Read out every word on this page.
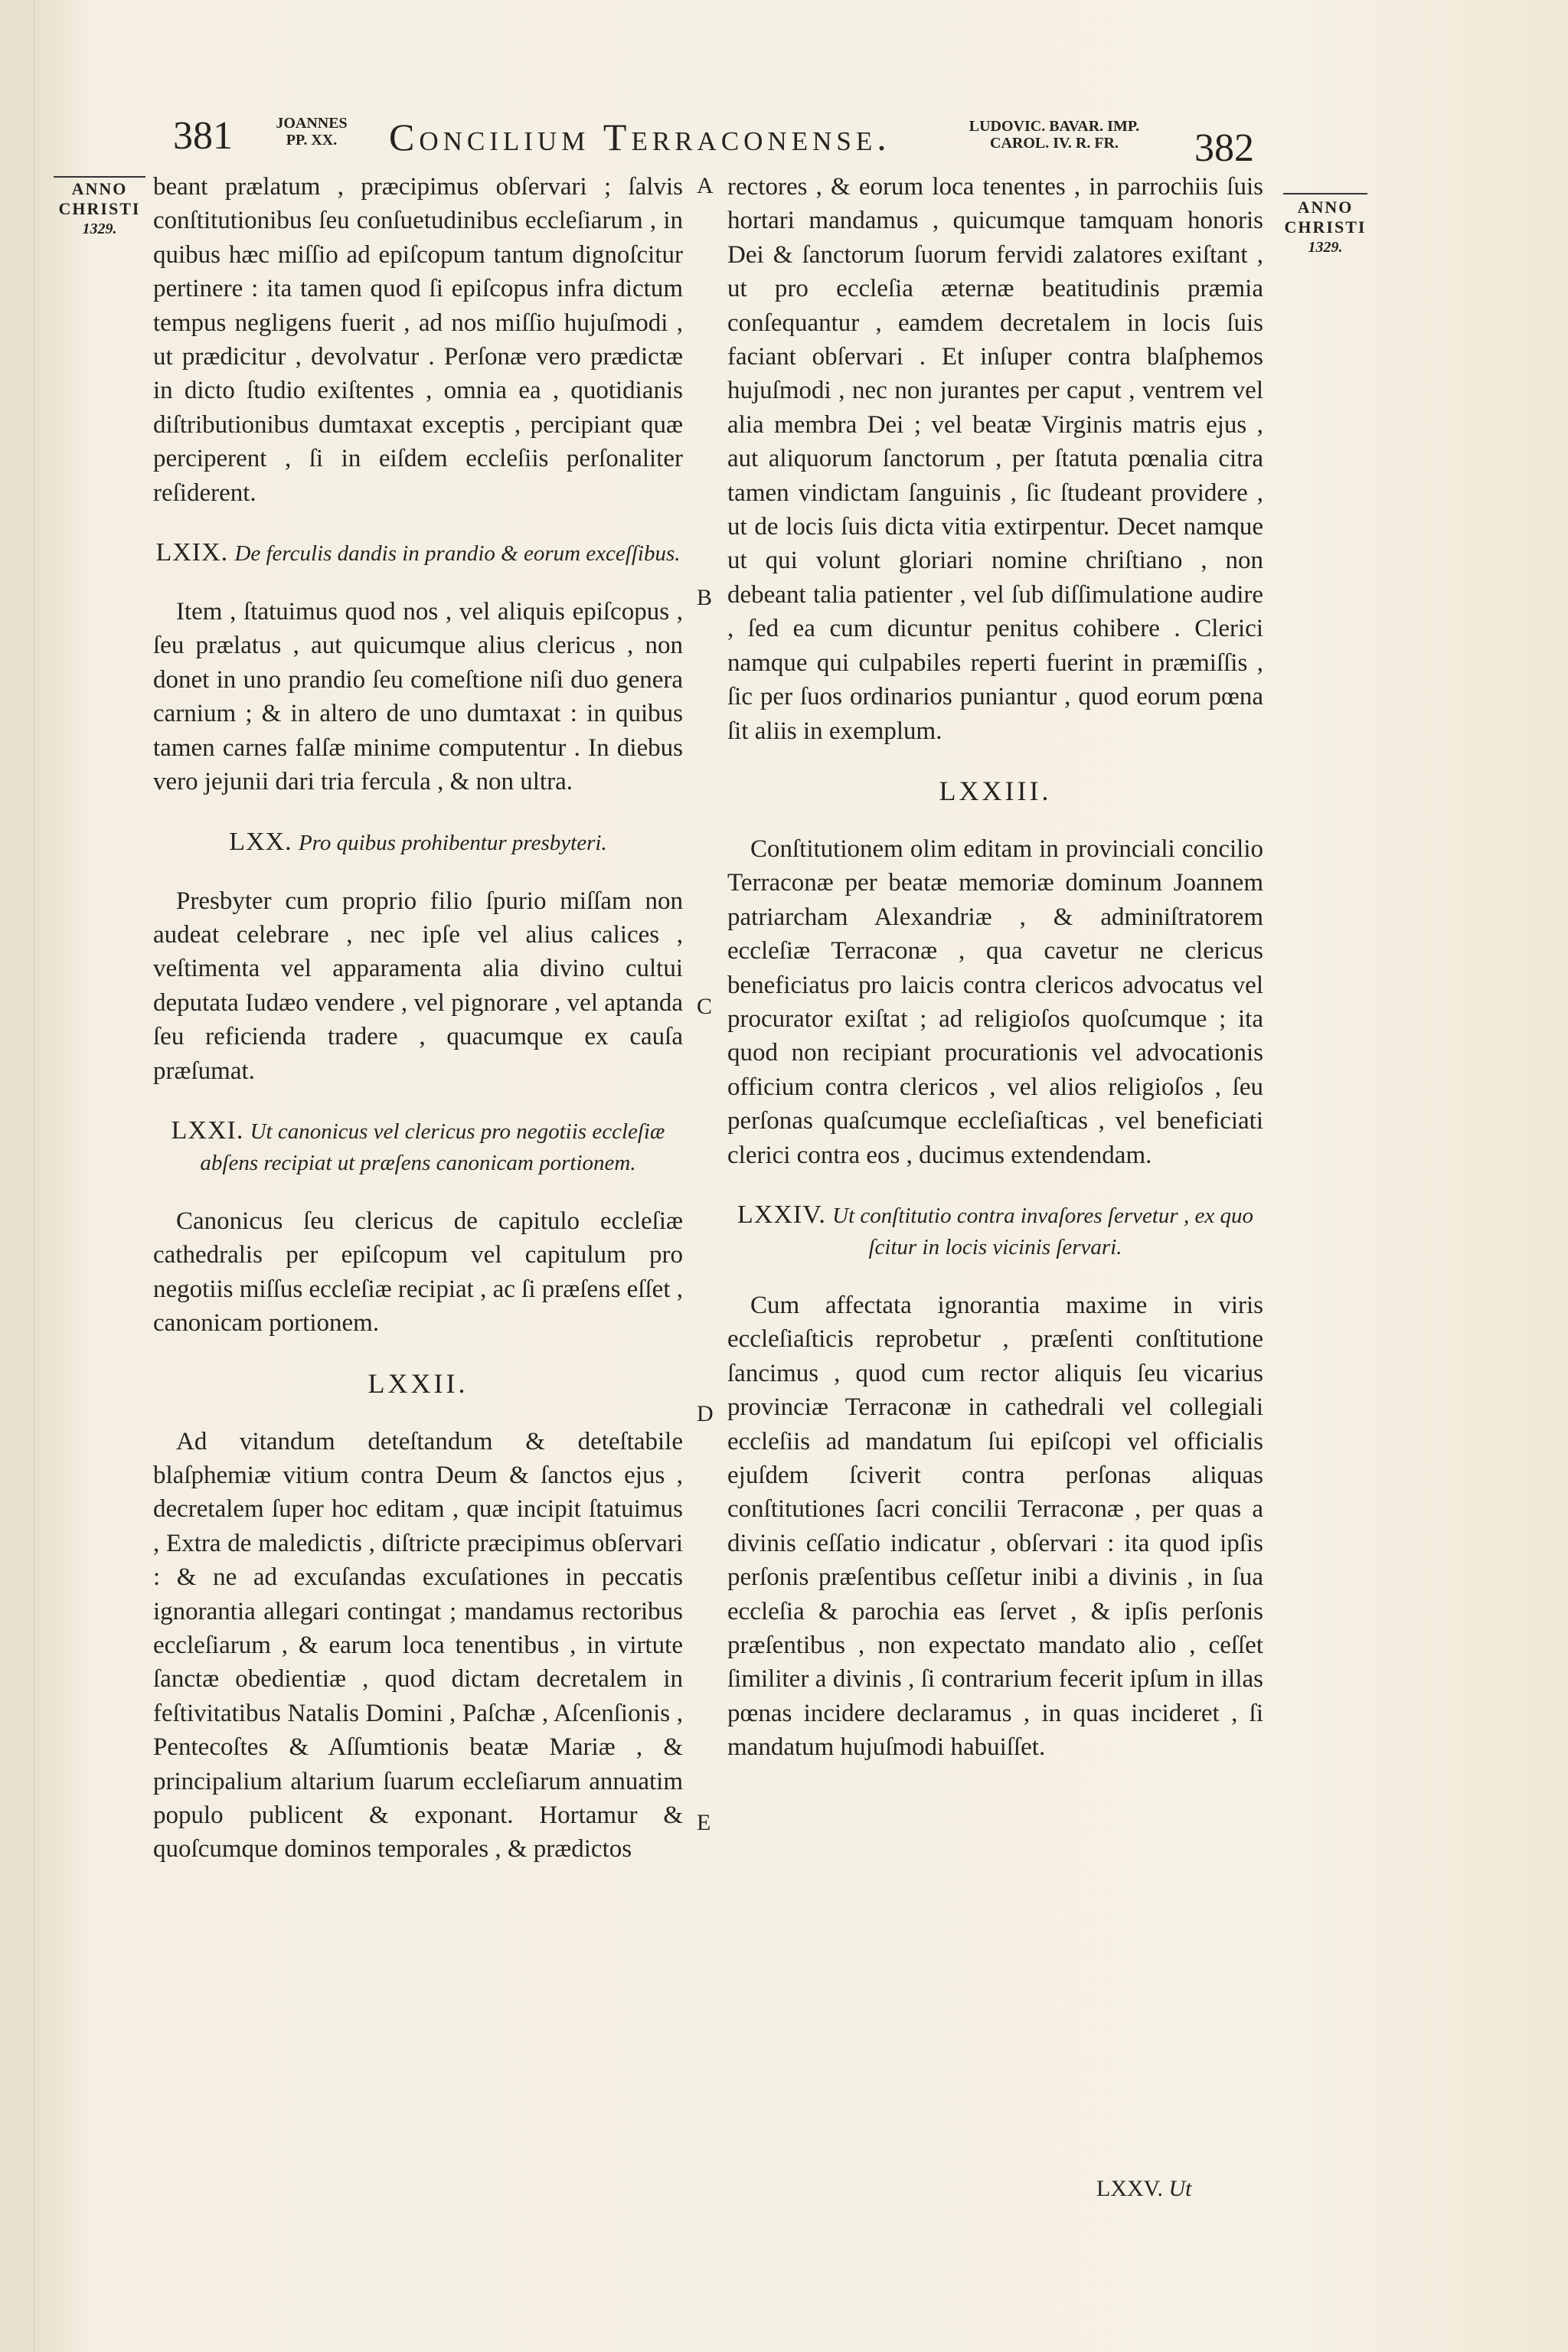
381	JOANNES
PP. XX.	Concilium Terraconense.	LUDOVIC. BAVAR. IMP.
CAROL. IV. R. FR.	382
ANNO
CHRISTI
1329.
ANNO
CHRISTI
1329.
A
B
C
D
E

beant prælatum , præcipimus obſervari ; ſalvis conſtitutionibus ſeu conſuetudinibus eccleſiarum , in quibus hæc miſſio ad epiſcopum tantum dignoſcitur pertinere : ita tamen quod ſi epiſcopus infra dictum tempus negligens fuerit , ad nos miſſio hujuſmodi , ut prædicitur , devolvatur . Perſonæ vero prædictæ in dicto ſtudio exiſtentes , omnia ea , quotidianis diſtributionibus dumtaxat exceptis , percipiant quæ perciperent , ſi in eiſdem eccleſiis perſonaliter reſiderent.

LXIX. De ferculis dandis in prandio & eorum exceſſibus.

Item , ſtatuimus quod nos , vel aliquis epiſcopus , ſeu prælatus , aut quicumque alius clericus , non donet in uno prandio ſeu comeſtione niſi duo genera carnium ; & in altero de uno dumtaxat : in quibus tamen carnes falſæ minime computentur . In diebus vero jejunii dari tria fercula , & non ultra.

LXX. Pro quibus prohibentur presbyteri.

Presbyter cum proprio filio ſpurio miſſam non audeat celebrare , nec ipſe vel alius calices , veſtimenta vel apparamenta alia divino cultui deputata Iudæo vendere , vel pignorare , vel aptanda ſeu reficienda tradere , quacumque ex cauſa præſumat.

LXXI. Ut canonicus vel clericus pro negotiis eccleſiæ abſens recipiat ut præſens canonicam portionem.

Canonicus ſeu clericus de capitulo eccleſiæ cathedralis per epiſcopum vel capitulum pro negotiis miſſus eccleſiæ recipiat , ac ſi præſens eſſet , canonicam portionem.

LXXII.

Ad vitandum deteſtandum & deteſtabile blaſphemiæ vitium contra Deum & ſanctos ejus , decretalem ſuper hoc editam , quæ incipit ſtatuimus , Extra de maledictis , diſtricte præcipimus obſervari : & ne ad excuſandas excuſationes in peccatis ignorantia allegari contingat ; mandamus rectoribus eccleſiarum , & earum loca tenentibus , in virtute ſanctæ obedientiæ , quod dictam decretalem in feſtivitatibus Natalis Domini , Paſchæ , Aſcenſionis , Pentecoſtes & Aſſumtionis beatæ Mariæ , & principalium altarium ſuarum eccleſiarum annuatim populo publicent & exponant. Hortamur & quoſcumque dominos temporales , & prædictos

rectores , & eorum loca tenentes , in parrochiis ſuis hortari mandamus , quicumque tamquam honoris Dei & ſanctorum ſuorum fervidi zalatores exiſtant , ut pro eccleſia æternæ beatitudinis præmia conſequantur , eamdem decretalem in locis ſuis faciant obſervari . Et inſuper contra blaſphemos hujuſmodi , nec non jurantes per caput , ventrem vel alia membra Dei ; vel beatæ Virginis matris ejus , aut aliquorum ſanctorum , per ſtatuta pœnalia citra tamen vindictam ſanguinis , ſic ſtudeant providere , ut de locis ſuis dicta vitia extirpentur. Decet namque ut qui volunt gloriari nomine chriſtiano , non debeant talia patienter , vel ſub diſſimulatione audire , ſed ea cum dicuntur penitus cohibere . Clerici namque qui culpabiles reperti fuerint in præmiſſis , ſic per ſuos ordinarios puniantur , quod eorum pœna ſit aliis in exemplum.

LXXIII.

Conſtitutionem olim editam in provinciali concilio Terraconæ per beatæ memoriæ dominum Joannem patriarcham Alexandriæ , & adminiſtratorem eccleſiæ Terraconæ , qua cavetur ne clericus beneficiatus pro laicis contra clericos advocatus vel procurator exiſtat ; ad religioſos quoſcumque ; ita quod non recipiant procurationis vel advocationis officium contra clericos , vel alios religioſos , ſeu perſonas quaſcumque eccleſiaſticas , vel beneficiati clerici contra eos , ducimus extendendam.

LXXIV. Ut conſtitutio contra invaſores ſervetur , ex quo ſcitur in locis vicinis ſervari.

Cum affectata ignorantia maxime in viris eccleſiaſticis reprobetur , præſenti conſtitutione ſancimus , quod cum rector aliquis ſeu vicarius provinciæ Terraconæ in cathedrali vel collegiali eccleſiis ad mandatum ſui epiſcopi vel officialis ejuſdem ſciverit contra perſonas aliquas conſtitutiones ſacri concilii Terraconæ , per quas a divinis ceſſatio indicatur , obſervari : ita quod ipſis perſonis præſentibus ceſſetur inibi a divinis , in ſua eccleſia & parochia eas ſervet , & ipſis perſonis præſentibus , non expectato mandato alio , ceſſet ſimiliter a divinis , ſi contrarium fecerit ipſum in illas pœnas incidere declaramus , in quas incideret , ſi mandatum hujuſmodi habuiſſet.

LXXV. Ut
